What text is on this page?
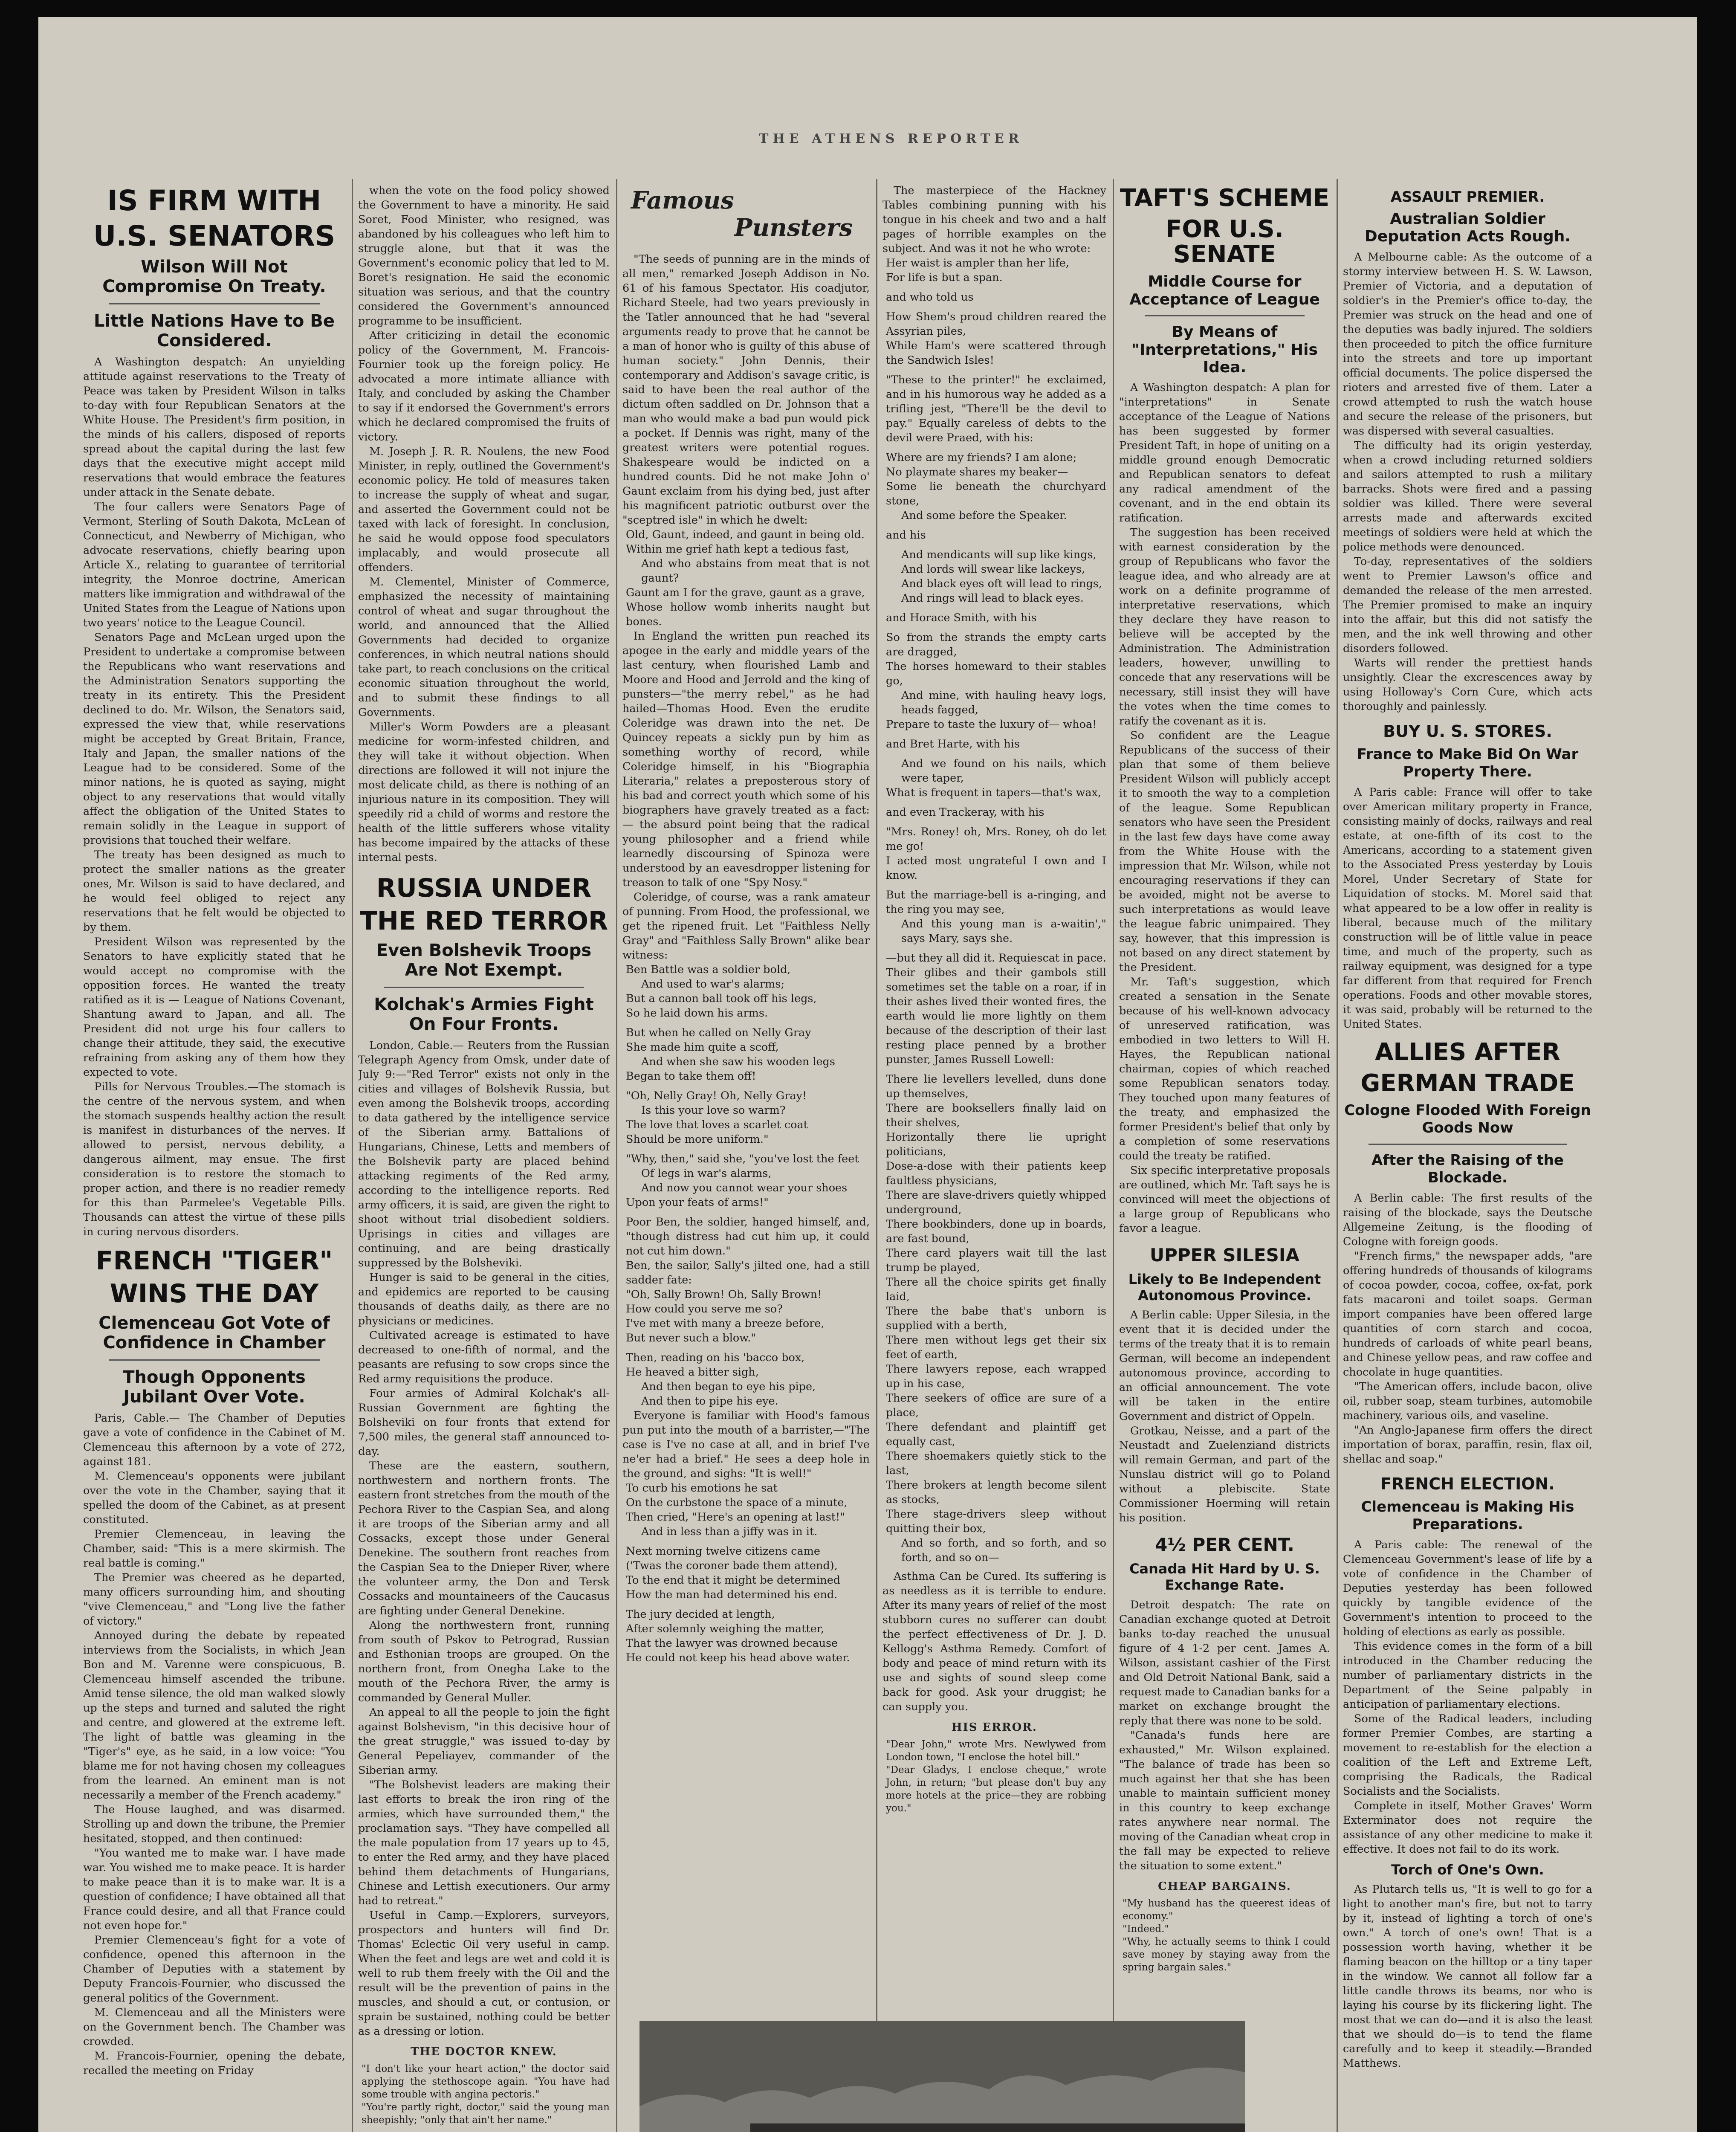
THE ATHENS REPORTER
IS FIRM WITH
U.S. SENATORS
Wilson Will Not Compromise On Treaty.
Little Nations Have to Be Considered.

A Washington despatch: An unyielding attitude against reservations to the Treaty of Peace was taken by President Wilson in talks to-day with four Republican Senators at the White House. The President's firm position, in the minds of his callers, disposed of reports spread about the capital during the last few days that the executive might accept mild reservations that would embrace the features under attack in the Senate debate.

The four callers were Senators Page of Vermont, Sterling of South Dakota, McLean of Connecticut, and Newberry of Michigan, who advocate reservations, chiefly bearing upon Article X., relating to guarantee of territorial integrity, the Monroe doctrine, American matters like immigration and withdrawal of the United States from the League of Nations upon two years' notice to the League Council.

Senators Page and McLean urged upon the President to undertake a compromise between the Republicans who want reservations and the Administration Senators supporting the treaty in its entirety. This the President declined to do. Mr. Wilson, the Senators said, expressed the view that, while reservations might be accepted by Great Britain, France, Italy and Japan, the smaller nations of the League had to be considered. Some of the minor nations, he is quoted as saying, might object to any reservations that would vitally affect the obligation of the United States to remain solidly in the League in support of provisions that touched their welfare.

The treaty has been designed as much to protect the smaller nations as the greater ones, Mr. Wilson is said to have declared, and he would feel obliged to reject any reservations that he felt would be objected to by them.

President Wilson was represented by the Senators to have explicitly stated that he would accept no compromise with the opposition forces. He wanted the treaty ratified as it is — League of Nations Covenant, Shantung award to Japan, and all. The President did not urge his four callers to change their attitude, they said, the executive refraining from asking any of them how they expected to vote.

Pills for Nervous Troubles.—The stomach is the centre of the nervous system, and when the stomach suspends healthy action the result is manifest in disturbances of the nerves. If allowed to persist, nervous debility, a dangerous ailment, may ensue. The first consideration is to restore the stomach to proper action, and there is no readier remedy for this than Parmelee's Vegetable Pills. Thousands can attest the virtue of these pills in curing nervous disorders.

FRENCH "TIGER"
WINS THE DAY
Clemenceau Got Vote of Confidence in Chamber
Though Opponents Jubilant Over Vote.

Paris, Cable.— The Chamber of Deputies gave a vote of confidence in the Cabinet of M. Clemenceau this afternoon by a vote of 272, against 181.

M. Clemenceau's opponents were jubilant over the vote in the Chamber, saying that it spelled the doom of the Cabinet, as at present constituted.

Premier Clemenceau, in leaving the Chamber, said: "This is a mere skirmish. The real battle is coming."

The Premier was cheered as he departed, many officers surrounding him, and shouting "vive Clemenceau," and "Long live the father of victory."

Annoyed during the debate by repeated interviews from the Socialists, in which Jean Bon and M. Varenne were conspicuous, B. Clemenceau himself ascended the tribune. Amid tense silence, the old man walked slowly up the steps and turned and saluted the right and centre, and glowered at the extreme left. The light of battle was gleaming in the "Tiger's" eye, as he said, in a low voice: "You blame me for not having chosen my colleagues from the learned. An eminent man is not necessarily a member of the French academy."

The House laughed, and was disarmed. Strolling up and down the tribune, the Premier hesitated, stopped, and then continued:

"You wanted me to make war. I have made war. You wished me to make peace. It is harder to make peace than it is to make war. It is a question of confidence; I have obtained all that France could desire, and all that France could not even hope for."

Premier Clemenceau's fight for a vote of confidence, opened this afternoon in the Chamber of Deputies with a statement by Deputy Francois-Fournier, who discussed the general politics of the Government.

M. Clemenceau and all the Ministers were on the Government bench. The Chamber was crowded.

M. Francois-Fournier, opening the debate, recalled the meeting on Friday

when the vote on the food policy showed the Government to have a minority. He said Soret, Food Minister, who resigned, was abandoned by his colleagues who left him to struggle alone, but that it was the Government's economic policy that led to M. Boret's resignation. He said the economic situation was serious, and that the country considered the Government's announced programme to be insufficient.

After criticizing in detail the economic policy of the Government, M. Francois-Fournier took up the foreign policy. He advocated a more intimate alliance with Italy, and concluded by asking the Chamber to say if it endorsed the Government's errors which he declared compromised the fruits of victory.

M. Joseph J. R. R. Noulens, the new Food Minister, in reply, outlined the Government's economic policy. He told of measures taken to increase the supply of wheat and sugar, and asserted the Government could not be taxed with lack of foresight. In conclusion, he said he would oppose food speculators implacably, and would prosecute all offenders.

M. Clementel, Minister of Commerce, emphasized the necessity of maintaining control of wheat and sugar throughout the world, and announced that the Allied Governments had decided to organize conferences, in which neutral nations should take part, to reach conclusions on the critical economic situation throughout the world, and to submit these findings to all Governments.

Miller's Worm Powders are a pleasant medicine for worm-infested children, and they will take it without objection. When directions are followed it will not injure the most delicate child, as there is nothing of an injurious nature in its composition. They will speedily rid a child of worms and restore the health of the little sufferers whose vitality has become impaired by the attacks of these internal pests.

RUSSIA UNDER
THE RED TERROR
Even Bolshevik Troops Are Not Exempt.
Kolchak's Armies Fight On Four Fronts.

London, Cable.— Reuters from the Russian Telegraph Agency from Omsk, under date of July 9:—"Red Terror" exists not only in the cities and villages of Bolshevik Russia, but even among the Bolshevik troops, according to data gathered by the intelligence service of the Siberian army. Battalions of Hungarians, Chinese, Letts and members of the Bolshevik party are placed behind attacking regiments of the Red army, according to the intelligence reports. Red army officers, it is said, are given the right to shoot without trial disobedient soldiers. Uprisings in cities and villages are continuing, and are being drastically suppressed by the Bolsheviki.

Hunger is said to be general in the cities, and epidemics are reported to be causing thousands of deaths daily, as there are no physicians or medicines.

Cultivated acreage is estimated to have decreased to one-fifth of normal, and the peasants are refusing to sow crops since the Red army requisitions the produce.

Four armies of Admiral Kolchak's all-Russian Government are fighting the Bolsheviki on four fronts that extend for 7,500 miles, the general staff announced to-day.

These are the eastern, southern, northwestern and northern fronts. The eastern front stretches from the mouth of the Pechora River to the Caspian Sea, and along it are troops of the Siberian army and all Cossacks, except those under General Denekine. The southern front reaches from the Caspian Sea to the Dnieper River, where the volunteer army, the Don and Tersk Cossacks and mountaineers of the Caucasus are fighting under General Denekine.

Along the northwestern front, running from south of Pskov to Petrograd, Russian and Esthonian troops are grouped. On the northern front, from Onegha Lake to the mouth of the Pechora River, the army is commanded by General Muller.

An appeal to all the people to join the fight against Bolshevism, "in this decisive hour of the great struggle," was issued to-day by General Pepeliayev, commander of the Siberian army.

"The Bolshevist leaders are making their last efforts to break the iron ring of the armies, which have surrounded them," the proclamation says. "They have compelled all the male population from 17 years up to 45, to enter the Red army, and they have placed behind them detachments of Hungarians, Chinese and Lettish executioners. Our army had to retreat."

Useful in Camp.—Explorers, surveyors, prospectors and hunters will find Dr. Thomas' Eclectic Oil very useful in camp. When the feet and legs are wet and cold it is well to rub them freely with the Oil and the result will be the prevention of pains in the muscles, and should a cut, or contusion, or sprain be sustained, nothing could be better as a dressing or lotion.

THE DOCTOR KNEW.

"I don't like your heart action," the doctor said applying the stethoscope again. "You have had some trouble with angina pectoris."

"You're partly right, doctor," said the young man sheepishly; "only that ain't her name."

Famous
Punsters

"The seeds of punning are in the minds of all men," remarked Joseph Addison in No. 61 of his famous Spectator. His coadjutor, Richard Steele, had two years previously in the Tatler announced that he had "several arguments ready to prove that he cannot be a man of honor who is guilty of this abuse of human society." John Dennis, their contemporary and Addison's savage critic, is said to have been the real author of the dictum often saddled on Dr. Johnson that a man who would make a bad pun would pick a pocket. If Dennis was right, many of the greatest writers were potential rogues. Shakespeare would be indicted on a hundred counts. Did he not make John o' Gaunt exclaim from his dying bed, just after his magnificent patriotic outburst over the "sceptred isle" in which he dwelt:

Old, Gaunt, indeed, and gaunt in being old.

Within me grief hath kept a tedious fast,

And who abstains from meat that is not gaunt?

Gaunt am I for the grave, gaunt as a grave,

Whose hollow womb inherits naught but bones.

In England the written pun reached its apogee in the early and middle years of the last century, when flourished Lamb and Moore and Hood and Jerrold and the king of punsters—"the merry rebel," as he had hailed—Thomas Hood. Even the erudite Coleridge was drawn into the net. De Quincey repeats a sickly pun by him as something worthy of record, while Coleridge himself, in his "Biographia Literaria," relates a preposterous story of his bad and correct youth which some of his biographers have gravely treated as a fact:— the absurd point being that the radical young philosopher and a friend while learnedly discoursing of Spinoza were understood by an eavesdropper listening for treason to talk of one "Spy Nosy."

Coleridge, of course, was a rank amateur of punning. From Hood, the professional, we get the ripened fruit. Let "Faithless Nelly Gray" and "Faithless Sally Brown" alike bear witness:

Ben Battle was a soldier bold,

And used to war's alarms;

But a cannon ball took off his legs,

So he laid down his arms.

But when he called on Nelly Gray

She made him quite a scoff,

And when she saw his wooden legs

Began to take them off!

"Oh, Nelly Gray! Oh, Nelly Gray!

Is this your love so warm?

The love that loves a scarlet coat

Should be more uniform."

"Why, then," said she, "you've lost the feet

Of legs in war's alarms,

And now you cannot wear your shoes

Upon your feats of arms!"

Poor Ben, the soldier, hanged himself, and, "though distress had cut him up, it could not cut him down."

Ben, the sailor, Sally's jilted one, had a still sadder fate:

"Oh, Sally Brown! Oh, Sally Brown!

How could you serve me so?

I've met with many a breeze before,

But never such a blow."

Then, reading on his 'bacco box,

He heaved a bitter sigh,

And then began to eye his pipe,

And then to pipe his eye.

Everyone is familiar with Hood's famous pun put into the mouth of a barrister,—"The case is I've no case at all, and in brief I've ne'er had a brief." He sees a deep hole in the ground, and sighs: "It is well!"

To curb his emotions he sat

On the curbstone the space of a minute,

Then cried, "Here's an opening at last!"

And in less than a jiffy was in it.

Next morning twelve citizens came

('Twas the coroner bade them attend),

To the end that it might be determined

How the man had determined his end.

The jury decided at length,

After solemnly weighing the matter,

That the lawyer was drowned because

He could not keep his head above water.

The masterpiece of the Hackney Tables combining punning with his tongue in his cheek and two and a half pages of horrible examples on the subject. And was it not he who wrote:

Her waist is ampler than her life,

For life is but a span.

and who told us

How Shem's proud children reared the Assyrian piles,

While Ham's were scattered through the Sandwich Isles!

"These to the printer!" he exclaimed, and in his humorous way he added as a trifling jest, "There'll be the devil to pay." Equally careless of debts to the devil were Praed, with his:

Where are my friends? I am alone;

No playmate shares my beaker—

Some lie beneath the churchyard stone,

And some before the Speaker.

and his

And mendicants will sup like kings,

And lords will swear like lackeys,

And black eyes oft will lead to rings,

And rings will lead to black eyes.

and Horace Smith, with his

So from the strands the empty carts are dragged,

The horses homeward to their stables go,

And mine, with hauling heavy logs, heads fagged,

Prepare to taste the luxury of— whoa!

and Bret Harte, with his

And we found on his nails, which were taper,

What is frequent in tapers—that's wax,

and even Trackeray, with his

"Mrs. Roney! oh, Mrs. Roney, oh do let me go!

I acted most ungrateful I own and I know.

But the marriage-bell is a-ringing, and the ring you may see,

And this young man is a-waitin'," says Mary, says she.

—but they all did it. Requiescat in pace. Their glibes and their gambols still sometimes set the table on a roar, if in their ashes lived their wonted fires, the earth would lie more lightly on them because of the description of their last resting place penned by a brother punster, James Russell Lowell:

There lie levellers levelled, duns done up themselves,

There are booksellers finally laid on their shelves,

Horizontally there lie upright politicians,

Dose-a-dose with their patients keep faultless physicians,

There are slave-drivers quietly whipped underground,

There bookbinders, done up in boards, are fast bound,

There card players wait till the last trump be played,

There all the choice spirits get finally laid,

There the babe that's unborn is supplied with a berth,

There men without legs get their six feet of earth,

There lawyers repose, each wrapped up in his case,

There seekers of office are sure of a place,

There defendant and plaintiff get equally cast,

There shoemakers quietly stick to the last,

There brokers at length become silent as stocks,

There stage-drivers sleep without quitting their box,

And so forth, and so forth, and so forth, and so on—

Asthma Can be Cured. Its suffering is as needless as it is terrible to endure. After its many years of relief of the most stubborn cures no sufferer can doubt the perfect effectiveness of Dr. J. D. Kellogg's Asthma Remedy. Comfort of body and peace of mind return with its use and sights of sound sleep come back for good. Ask your druggist; he can supply you.

HIS ERROR.

"Dear John," wrote Mrs. Newlywed from London town, "I enclose the hotel bill."

"Dear Gladys, I enclose cheque," wrote John, in return; "but please don't buy any more hotels at the price—they are robbing you."

TAFT'S SCHEME
FOR U.S. SENATE
Middle Course for Acceptance of League
By Means of "Interpretations," His Idea.

A Washington despatch: A plan for "interpretations" in Senate acceptance of the League of Nations has been suggested by former President Taft, in hope of uniting on a middle ground enough Democratic and Republican senators to defeat any radical amendment of the covenant, and in the end obtain its ratification.

The suggestion has been received with earnest consideration by the group of Republicans who favor the league idea, and who already are at work on a definite programme of interpretative reservations, which they declare they have reason to believe will be accepted by the Administration. The Administration leaders, however, unwilling to concede that any reservations will be necessary, still insist they will have the votes when the time comes to ratify the covenant as it is.

So confident are the League Republicans of the success of their plan that some of them believe President Wilson will publicly accept it to smooth the way to a completion of the league. Some Republican senators who have seen the President in the last few days have come away from the White House with the impression that Mr. Wilson, while not encouraging reservations if they can be avoided, might not be averse to such interpretations as would leave the league fabric unimpaired. They say, however, that this impression is not based on any direct statement by the President.

Mr. Taft's suggestion, which created a sensation in the Senate because of his well-known advocacy of unreserved ratification, was embodied in two letters to Will H. Hayes, the Republican national chairman, copies of which reached some Republican senators today. They touched upon many features of the treaty, and emphasized the former President's belief that only by a completion of some reservations could the treaty be ratified.

Six specific interpretative proposals are outlined, which Mr. Taft says he is convinced will meet the objections of a large group of Republicans who favor a league.

UPPER SILESIA
Likely to Be Independent Autonomous Province.

A Berlin cable: Upper Silesia, in the event that it is decided under the terms of the treaty that it is to remain German, will become an independent autonomous province, according to an official announcement. The vote will be taken in the entire Government and district of Oppeln.

Grotkau, Neisse, and a part of the Neustadt and Zuelenziand districts will remain German, and part of the Nunslau district will go to Poland without a plebiscite. State Commissioner Hoerming will retain his position.

4½ PER CENT.
Canada Hit Hard by U. S. Exchange Rate.

Detroit despatch: The rate on Canadian exchange quoted at Detroit banks to-day reached the unusual figure of 4 1-2 per cent. James A. Wilson, assistant cashier of the First and Old Detroit National Bank, said a request made to Canadian banks for a market on exchange brought the reply that there was none to be sold.

"Canada's funds here are exhausted," Mr. Wilson explained. "The balance of trade has been so much against her that she has been unable to maintain sufficient money in this country to keep exchange rates anywhere near normal. The moving of the Canadian wheat crop in the fall may be expected to relieve the situation to some extent."

CHEAP BARGAINS.

"My husband has the queerest ideas of economy."

"Indeed."

"Why, he actually seems to think I could save money by staying away from the spring bargain sales."

ASSAULT PREMIER.
Australian Soldier Deputation Acts Rough.

A Melbourne cable: As the outcome of a stormy interview between H. S. W. Lawson, Premier of Victoria, and a deputation of soldier's in the Premier's office to-day, the Premier was struck on the head and one of the deputies was badly injured. The soldiers then proceeded to pitch the office furniture into the streets and tore up important official documents. The police dispersed the rioters and arrested five of them. Later a crowd attempted to rush the watch house and secure the release of the prisoners, but was dispersed with several casualties.

The difficulty had its origin yesterday, when a crowd including returned soldiers and sailors attempted to rush a military barracks. Shots were fired and a passing soldier was killed. There were several arrests made and afterwards excited meetings of soldiers were held at which the police methods were denounced.

To-day, representatives of the soldiers went to Premier Lawson's office and demanded the release of the men arrested. The Premier promised to make an inquiry into the affair, but this did not satisfy the men, and the ink well throwing and other disorders followed.

Warts will render the prettiest hands unsightly. Clear the excrescences away by using Holloway's Corn Cure, which acts thoroughly and painlessly.

BUY U. S. STORES.
France to Make Bid On War Property There.

A Paris cable: France will offer to take over American military property in France, consisting mainly of docks, railways and real estate, at one-fifth of its cost to the Americans, according to a statement given to the Associated Press yesterday by Louis Morel, Under Secretary of State for Liquidation of stocks. M. Morel said that what appeared to be a low offer in reality is liberal, because much of the military construction will be of little value in peace time, and much of the property, such as railway equipment, was designed for a type far different from that required for French operations. Foods and other movable stores, it was said, probably will be returned to the United States.

ALLIES AFTER
GERMAN TRADE
Cologne Flooded With Foreign Goods Now
After the Raising of the Blockade.

A Berlin cable: The first results of the raising of the blockade, says the Deutsche Allgemeine Zeitung, is the flooding of Cologne with foreign goods.

"French firms," the newspaper adds, "are offering hundreds of thousands of kilograms of cocoa powder, cocoa, coffee, ox-fat, pork fats macaroni and toilet soaps. German import companies have been offered large quantities of corn starch and cocoa, hundreds of carloads of white pearl beans, and Chinese yellow peas, and raw coffee and chocolate in huge quantities.

"The American offers, include bacon, olive oil, rubber soap, steam turbines, automobile machinery, various oils, and vaseline.

"An Anglo-Japanese firm offers the direct importation of borax, paraffin, resin, flax oil, shellac and soap."

FRENCH ELECTION.
Clemenceau is Making His Preparations.

A Paris cable: The renewal of the Clemenceau Government's lease of life by a vote of confidence in the Chamber of Deputies yesterday has been followed quickly by tangible evidence of the Government's intention to proceed to the holding of elections as early as possible.

This evidence comes in the form of a bill introduced in the Chamber reducing the number of parliamentary districts in the Department of the Seine palpably in anticipation of parliamentary elections.

Some of the Radical leaders, including former Premier Combes, are starting a movement to re-establish for the election a coalition of the Left and Extreme Left, comprising the Radicals, the Radical Socialists and the Socialists.

Complete in itself, Mother Graves' Worm Exterminator does not require the assistance of any other medicine to make it effective. It does not fail to do its work.

Torch of One's Own.

As Plutarch tells us, "It is well to go for a light to another man's fire, but not to tarry by it, instead of lighting a torch of one's own." A torch of one's own! That is a possession worth having, whether it be flaming beacon on the hilltop or a tiny taper in the window. We cannot all follow far a little candle throws its beams, nor who is laying his course by its flickering light. The most that we can do—and it is also the least that we should do—is to tend the flame carefully and to keep it steadily.—Branded Matthews.
